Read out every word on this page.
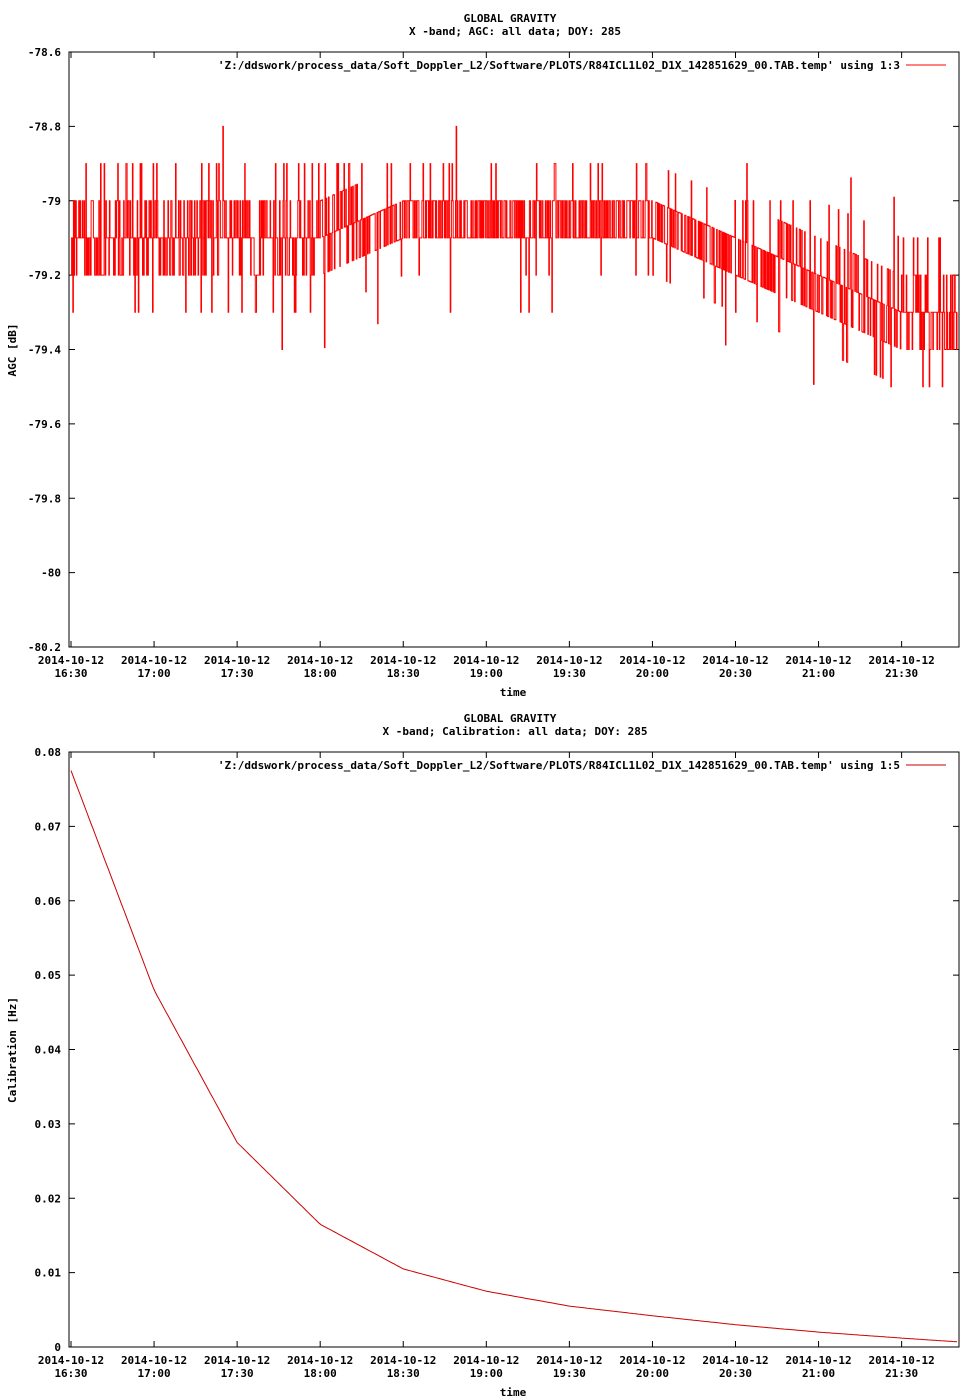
GLOBAL GRAVITY
X -band; AGC: all data; DOY: 285
'Z:/ddswork/process_data/Soft_Doppler_L2/Software/PLOTS/R84ICL1L02_D1X_142851629_00.TAB.temp' using 1:3
AGC [dB]
time
-78.6
-78.8
-79
-79.2
-79.4
-79.6
-79.8
-80
-80.2
2014-10-12
16:30
2014-10-12
17:00
2014-10-12
17:30
2014-10-12
18:00
2014-10-12
18:30
2014-10-12
19:00
2014-10-12
19:30
2014-10-12
20:00
2014-10-12
20:30
2014-10-12
21:00
2014-10-12
21:30
GLOBAL GRAVITY
X -band; Calibration: all data; DOY: 285
'Z:/ddswork/process_data/Soft_Doppler_L2/Software/PLOTS/R84ICL1L02_D1X_142851629_00.TAB.temp' using 1:5
Calibration [Hz]
time
0.08
0.07
0.06
0.05
0.04
0.03
0.02
0.01
0
2014-10-12
16:30
2014-10-12
17:00
2014-10-12
17:30
2014-10-12
18:00
2014-10-12
18:30
2014-10-12
19:00
2014-10-12
19:30
2014-10-12
20:00
2014-10-12
20:30
2014-10-12
21:00
2014-10-12
21:30
